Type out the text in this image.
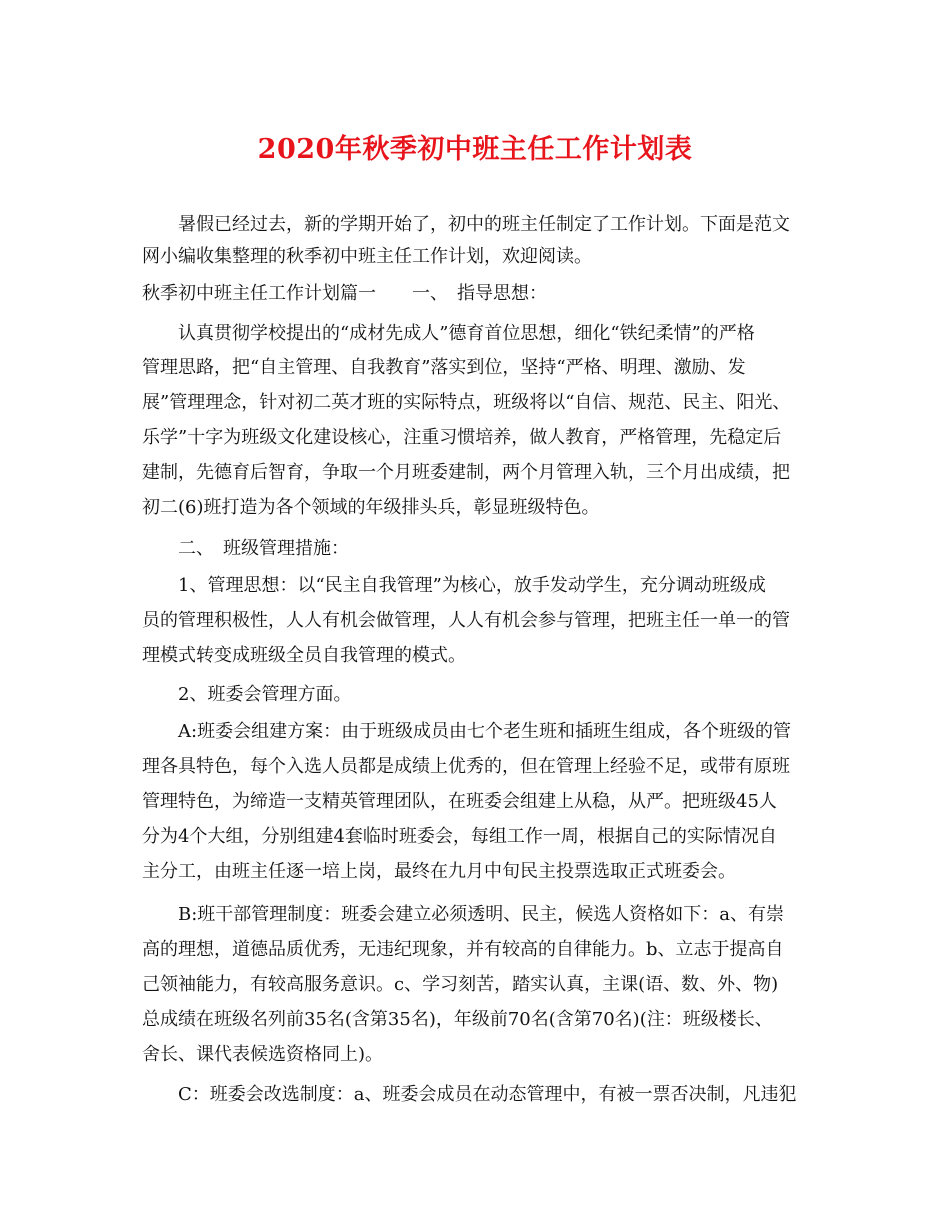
2020年秋季初中班主任工作计划表
暑假已经过去，新的学期开始了，初中的班主任制定了工作计划。下面是范文
网小编收集整理的秋季初中班主任工作计划，欢迎阅读。
秋季初中班主任工作计划篇一　　一、　指导思想：
认真贯彻学校提出的“成材先成人”德育首位思想，细化“铁纪柔情”的严格
管理思路，把“自主管理、自我教育”落实到位，坚持“严格、明理、激励、发
展”管理理念，针对初二英才班的实际特点，班级将以“自信、规范、民主、阳光、
乐学”十字为班级文化建设核心，注重习惯培养，做人教育，严格管理，先稳定后
建制，先德育后智育，争取一个月班委建制，两个月管理入轨，三个月出成绩，把
初二(6)班打造为各个领域的年级排头兵，彰显班级特色。
二、　班级管理措施：
1、管理思想：以“民主自我管理”为核心，放手发动学生，充分调动班级成
员的管理积极性，人人有机会做管理，人人有机会参与管理，把班主任一单一的管
理模式转变成班级全员自我管理的模式。
2、班委会管理方面。
A:班委会组建方案：由于班级成员由七个老生班和插班生组成，各个班级的管
理各具特色，每个入选人员都是成绩上优秀的，但在管理上经验不足，或带有原班
管理特色，为缔造一支精英管理团队，在班委会组建上从稳，从严。把班级45人
分为4个大组，分别组建4套临时班委会，每组工作一周，根据自己的实际情况自
主分工，由班主任逐一培上岗，最终在九月中旬民主投票选取正式班委会。
B:班干部管理制度：班委会建立必须透明、民主，候选人资格如下：a、有崇
高的理想，道德品质优秀，无违纪现象，并有较高的自律能力。b、立志于提高自
己领袖能力，有较高服务意识。c、学习刻苦，踏实认真，主课(语、数、外、物)
总成绩在班级名列前35名(含第35名)，年级前70名(含第70名)(注：班级楼长、
舍长、课代表候选资格同上)。
C：班委会改选制度：a、班委会成员在动态管理中，有被一票否决制，凡违犯
